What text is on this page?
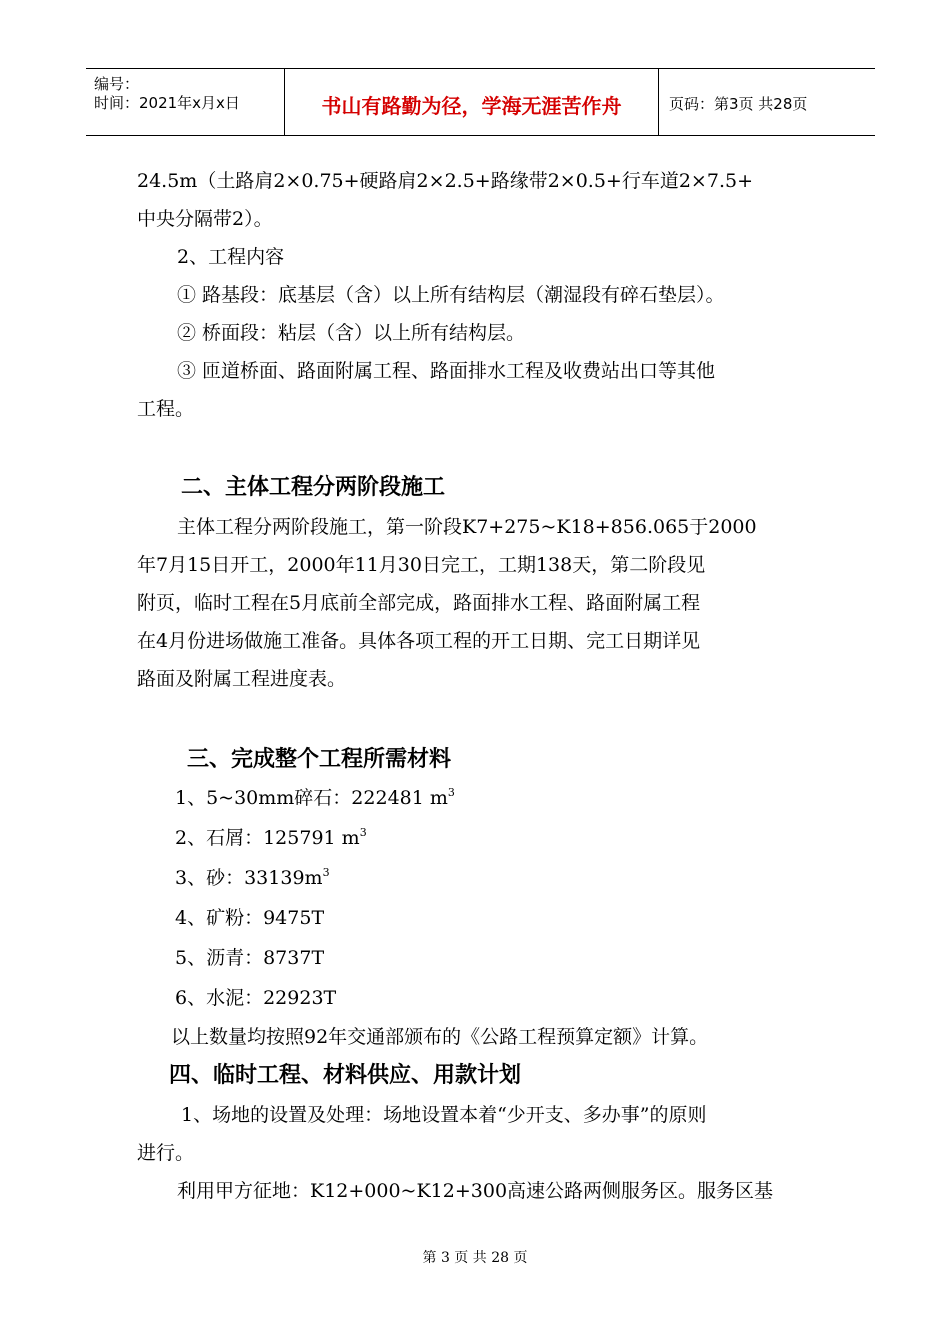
编号：
时间：2021年x月x日	书山有路勤为径，学海无涯苦作舟	页码：第3页 共28页

24.5m（土路肩2×0.75+硬路肩2×2.5+路缘带2×0.5+行车道2×7.5+

中央分隔带2）。

2、工程内容

① 路基段：底基层（含）以上所有结构层（潮湿段有碎石垫层）。

② 桥面段：粘层（含）以上所有结构层。

③ 匝道桥面、路面附属工程、路面排水工程及收费站出口等其他

工程。

二、主体工程分两阶段施工

主体工程分两阶段施工，第一阶段K7+275~K18+856.065于2000

年7月15日开工，2000年11月30日完工，工期138天，第二阶段见

附页，临时工程在5月底前全部完成，路面排水工程、路面附属工程

在4月份进场做施工准备。具体各项工程的开工日期、完工日期详见

路面及附属工程进度表。

三、完成整个工程所需材料

1、5~30mm碎石：222481 $m^3$

2、石屑：125791 $m^3$

3、砂：$33139m^3$

4、矿粉：9475T

5、沥青：8737T

6、水泥：22923T

以上数量均按照92年交通部颁布的《公路工程预算定额》计算。

四、临时工程、材料供应、用款计划

1、场地的设置及处理：场地设置本着“少开支、多办事”的原则

进行。

利用甲方征地：K12+000~K12+300高速公路两侧服务区。服务区基

第 3 页 共 28 页
